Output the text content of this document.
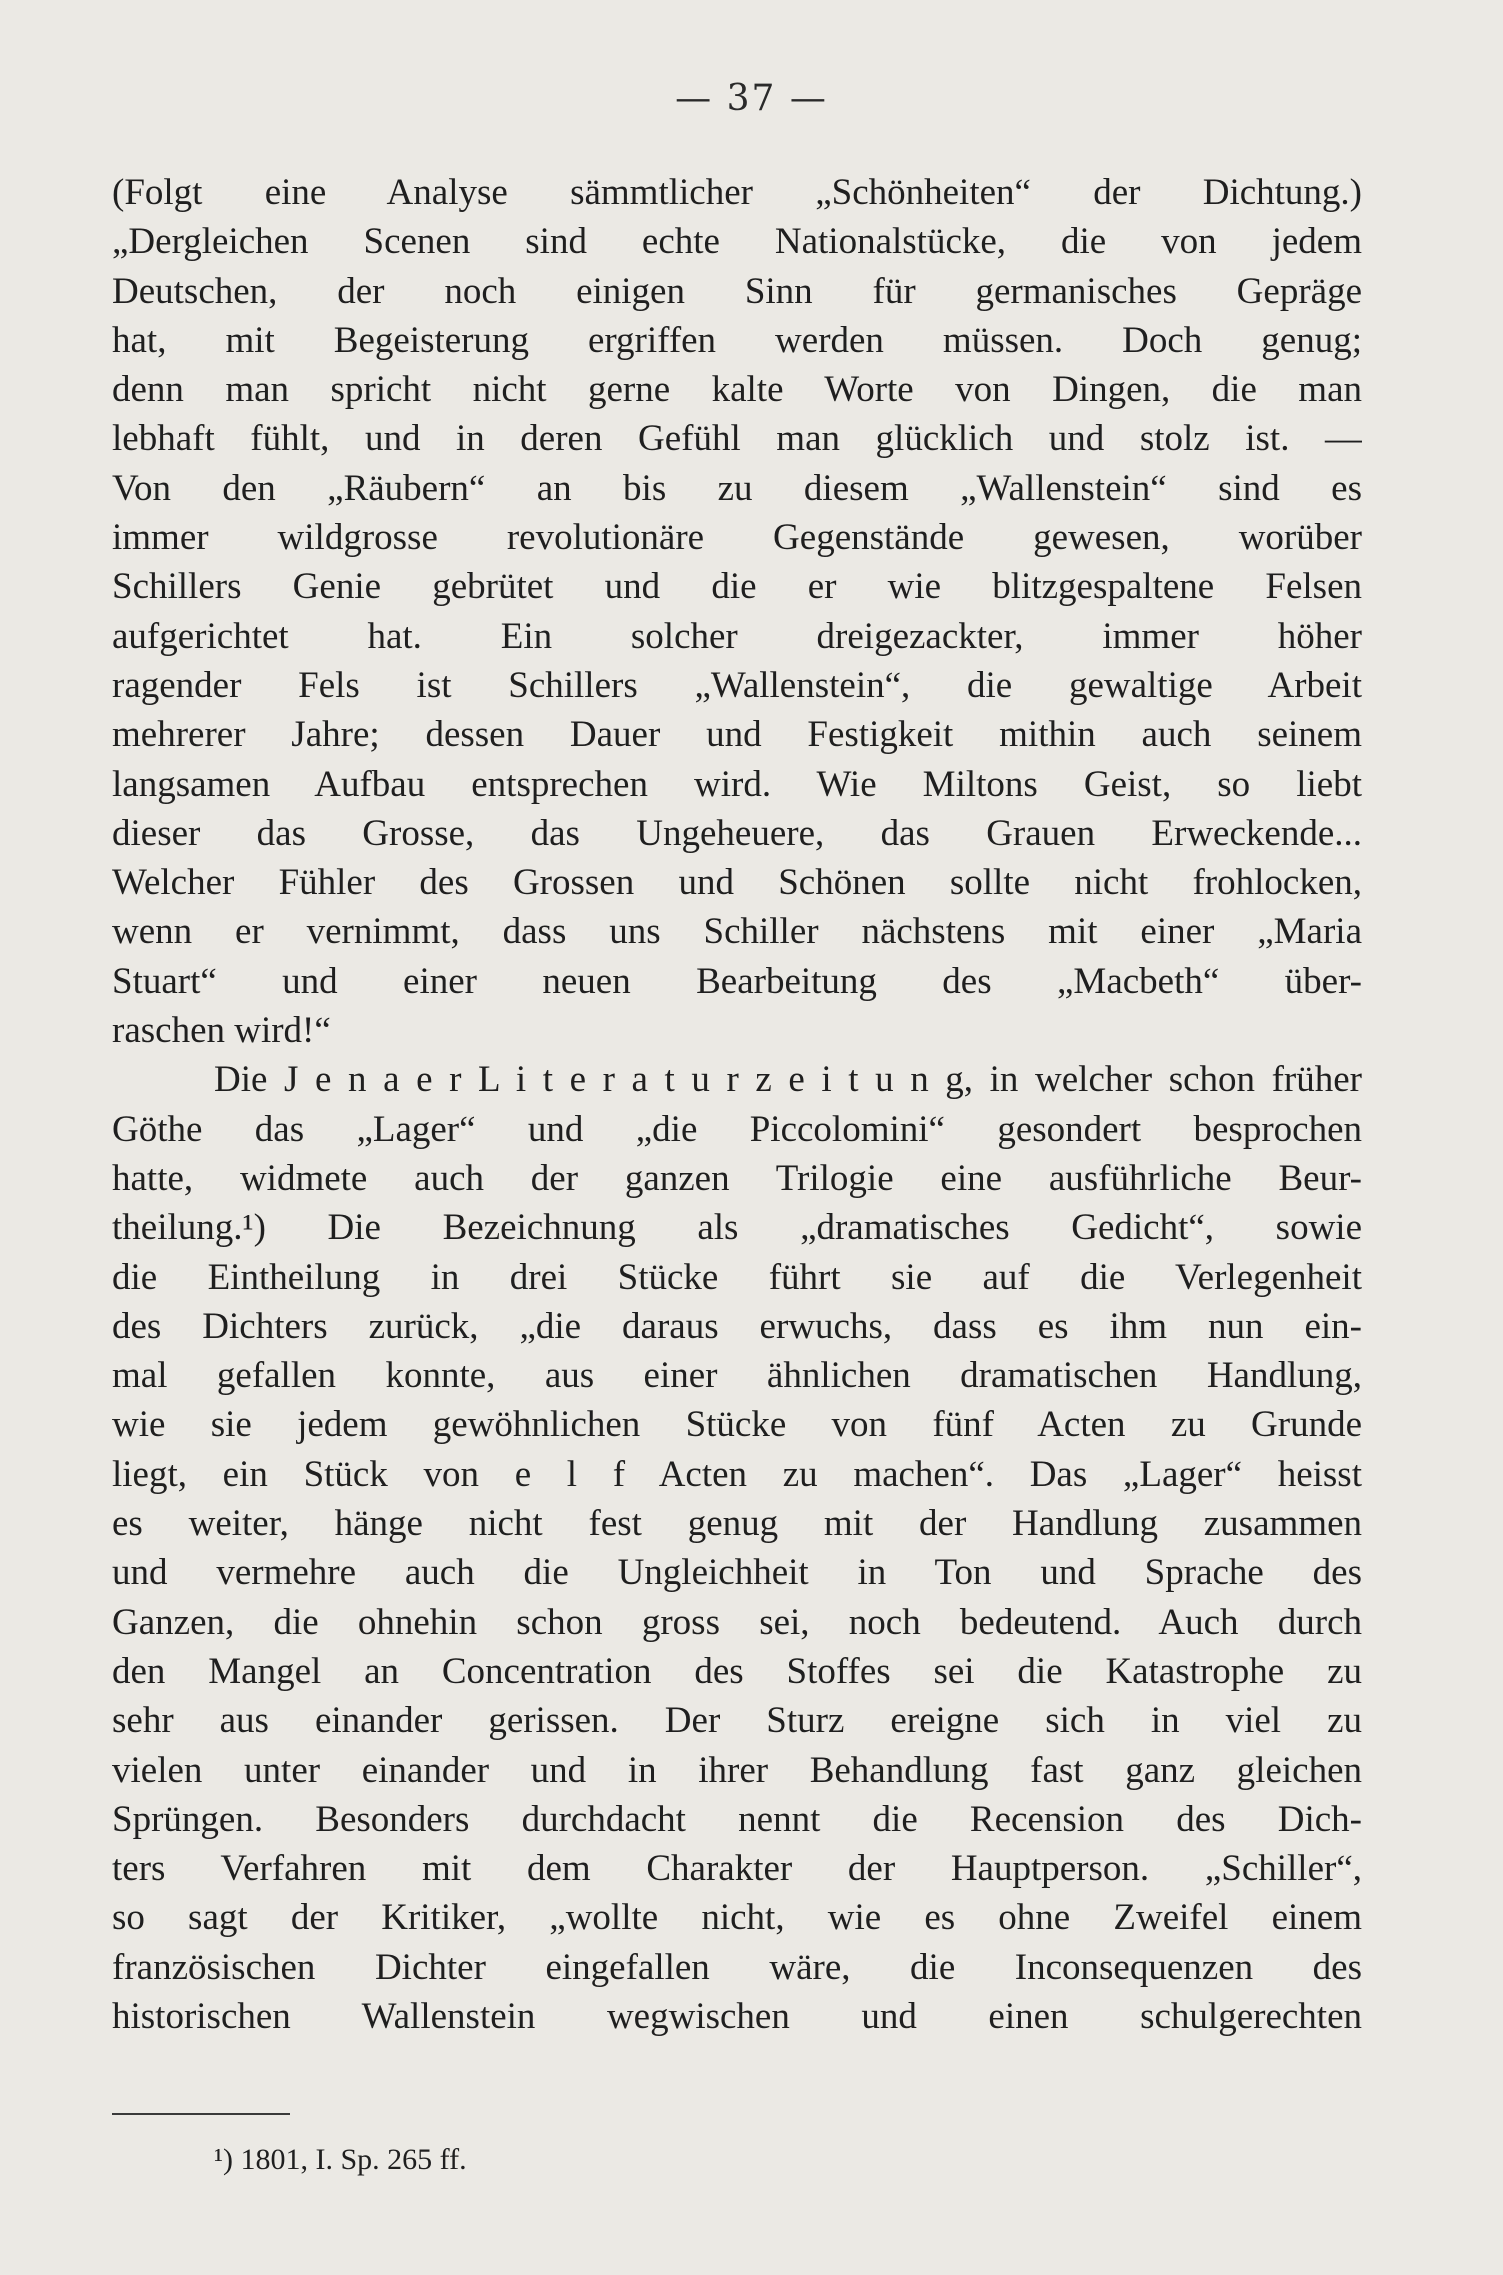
— 37 —
(Folgt eine Analyse sämmtlicher „Schönheiten“ der Dichtung.)
„Dergleichen Scenen sind echte Nationalstücke, die von jedem
Deutschen, der noch einigen Sinn für germanisches Gepräge
hat, mit Begeisterung ergriffen werden müssen. Doch genug;
denn man spricht nicht gerne kalte Worte von Dingen, die man
lebhaft fühlt, und in deren Gefühl man glücklich und stolz ist. —
Von den „Räubern“ an bis zu diesem „Wallenstein“ sind es
immer wildgrosse revolutionäre Gegenstände gewesen, worüber
Schillers Genie gebrütet und die er wie blitzgespaltene Felsen
aufgerichtet hat. Ein solcher dreigezackter, immer höher
ragender Fels ist Schillers „Wallenstein“, die gewaltige Arbeit
mehrerer Jahre; dessen Dauer und Festigkeit mithin auch seinem
langsamen Aufbau entsprechen wird. Wie Miltons Geist, so liebt
dieser das Grosse, das Ungeheuere, das Grauen Erweckende...
Welcher Fühler des Grossen und Schönen sollte nicht frohlocken,
wenn er vernimmt, dass uns Schiller nächstens mit einer „Maria
Stuart“ und einer neuen Bearbeitung des „Macbeth“ über-
raschen wird!“
Die J e n a e r L i t e r a t u r z e i t u n g, in welcher schon früher
Göthe das „Lager“ und „die Piccolomini“ gesondert besprochen
hatte, widmete auch der ganzen Trilogie eine ausführliche Beur-
theilung.¹) Die Bezeichnung als „dramatisches Gedicht“, sowie
die Eintheilung in drei Stücke führt sie auf die Verlegenheit
des Dichters zurück, „die daraus erwuchs, dass es ihm nun ein-
mal gefallen konnte, aus einer ähnlichen dramatischen Handlung,
wie sie jedem gewöhnlichen Stücke von fünf Acten zu Grunde
liegt, ein Stück von e l f Acten zu machen“. Das „Lager“ heisst
es weiter, hänge nicht fest genug mit der Handlung zusammen
und vermehre auch die Ungleichheit in Ton und Sprache des
Ganzen, die ohnehin schon gross sei, noch bedeutend. Auch durch
den Mangel an Concentration des Stoffes sei die Katastrophe zu
sehr aus einander gerissen. Der Sturz ereigne sich in viel zu
vielen unter einander und in ihrer Behandlung fast ganz gleichen
Sprüngen. Besonders durchdacht nennt die Recension des Dich-
ters Verfahren mit dem Charakter der Hauptperson. „Schiller“,
so sagt der Kritiker, „wollte nicht, wie es ohne Zweifel einem
französischen Dichter eingefallen wäre, die Inconsequenzen des
historischen Wallenstein wegwischen und einen schulgerechten
¹) 1801, I. Sp. 265 ff.
